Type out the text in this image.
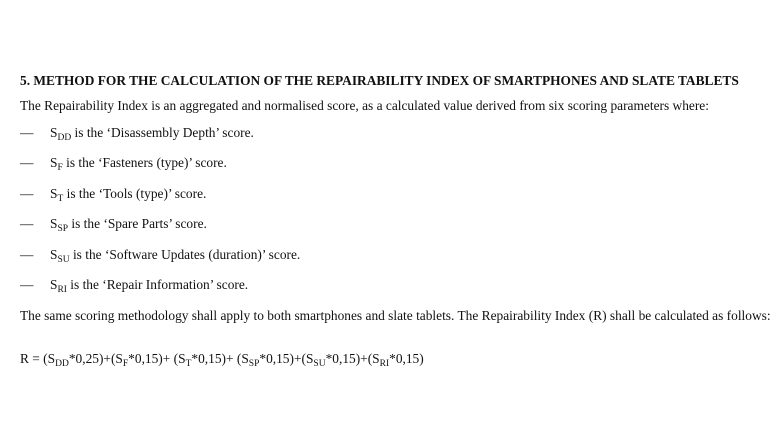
5. METHOD FOR THE CALCULATION OF THE REPAIRABILITY INDEX OF SMARTPHONES AND SLATE TABLETS
The Repairability Index is an aggregated and normalised score, as a calculated value derived from six scoring parameters where:
—	$S_{DD}$ is the ‘Disassembly Depth’ score.
—	$S_F$ is the ‘Fasteners (type)’ score.
—	$S_T$ is the ‘Tools (type)’ score.
—	$S_{SP}$ is the ‘Spare Parts’ score.
—	$S_{SU}$ is the ‘Software Updates (duration)’ score.
—	$S_{RI}$ is the ‘Repair Information’ score.
The same scoring methodology shall apply to both smartphones and slate tablets. The Repairability Index (R) shall be calculated as follows:
$R = (S_{DD}*0,25)+(S_F*0,15)+ (S_T*0,15)+ (S_{SP}*0,15)+(S_{SU}*0,15)+(S_{RI}*0,15)$
